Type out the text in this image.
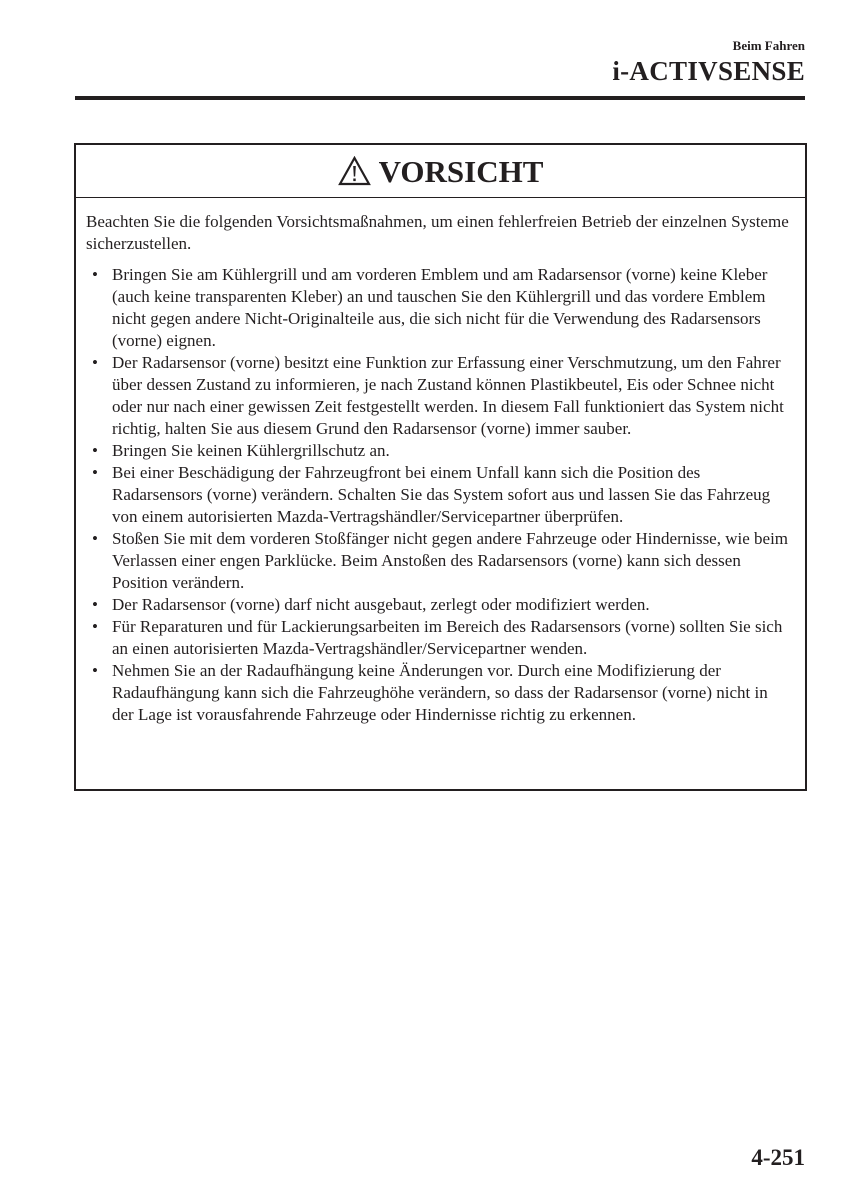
Beim Fahren
i-ACTIVSENSE
VORSICHT

Beachten Sie die folgenden Vorsichtsmaßnahmen, um einen fehlerfreien Betrieb der einzelnen Systeme sicherzustellen.

• Bringen Sie am Kühlergrill und am vorderen Emblem und am Radarsensor (vorne) keine Kleber (auch keine transparenten Kleber) an und tauschen Sie den Kühlergrill und das vordere Emblem nicht gegen andere Nicht-Originalteile aus, die sich nicht für die Verwendung des Radarsensors (vorne) eignen.
• Der Radarsensor (vorne) besitzt eine Funktion zur Erfassung einer Verschmutzung, um den Fahrer über dessen Zustand zu informieren, je nach Zustand können Plastikbeutel, Eis oder Schnee nicht oder nur nach einer gewissen Zeit festgestellt werden. In diesem Fall funktioniert das System nicht richtig, halten Sie aus diesem Grund den Radarsensor (vorne) immer sauber.
• Bringen Sie keinen Kühlergrillschutz an.
• Bei einer Beschädigung der Fahrzeugfront bei einem Unfall kann sich die Position des Radarsensors (vorne) verändern. Schalten Sie das System sofort aus und lassen Sie das Fahrzeug von einem autorisierten Mazda-Vertragshändler/Servicepartner überprüfen.
• Stoßen Sie mit dem vorderen Stoßfänger nicht gegen andere Fahrzeuge oder Hindernisse, wie beim Verlassen einer engen Parklücke. Beim Anstoßen des Radarsensors (vorne) kann sich dessen Position verändern.
• Der Radarsensor (vorne) darf nicht ausgebaut, zerlegt oder modifiziert werden.
• Für Reparaturen und für Lackierungsarbeiten im Bereich des Radarsensors (vorne) sollten Sie sich an einen autorisierten Mazda-Vertragshändler/Servicepartner wenden.
• Nehmen Sie an der Radaufhängung keine Änderungen vor. Durch eine Modifizierung der Radaufhängung kann sich die Fahrzeughöhe verändern, so dass der Radarsensor (vorne) nicht in der Lage ist vorausfahrende Fahrzeuge oder Hindernisse richtig zu erkennen.
4-251
